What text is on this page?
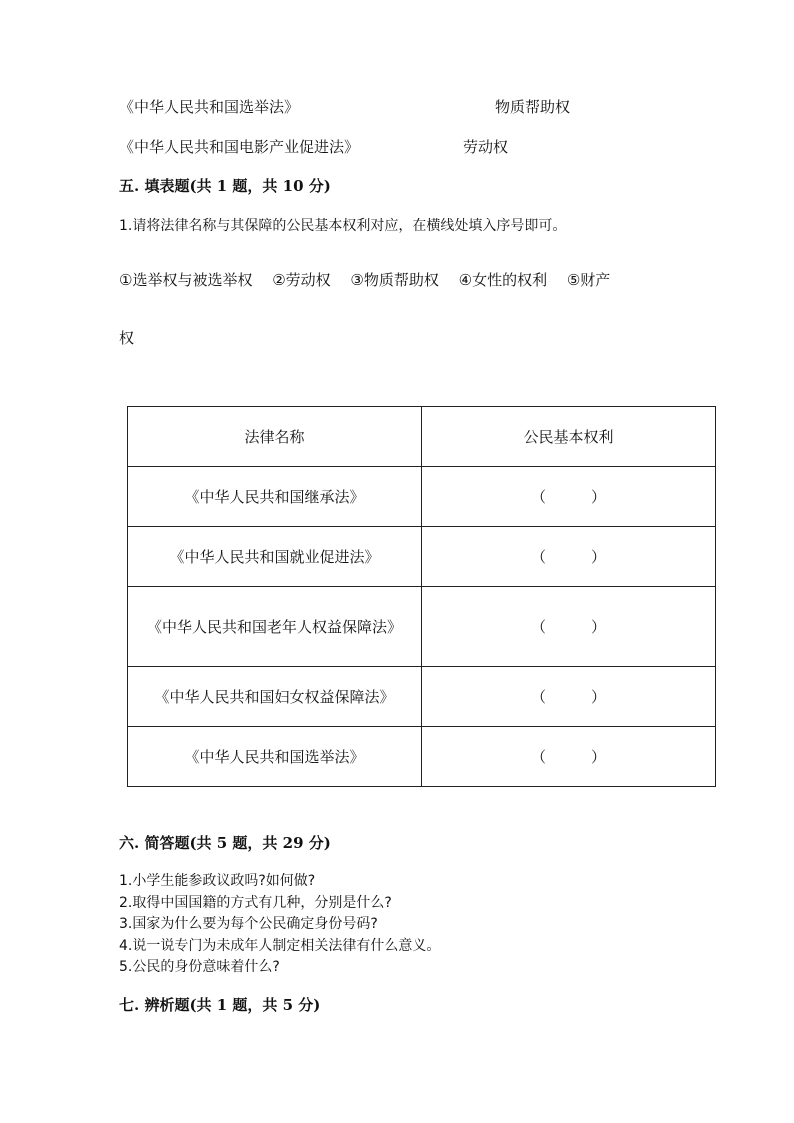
《中华人民共和国选举法》	物质帮助权
《中华人民共和国电影产业促进法》	劳动权
五. 填表题(共 1 题，共 10 分)
1.请将法律名称与其保障的公民基本权利对应，在横线处填入序号即可。
①选举权与被选举权　 ②劳动权　 ③物质帮助权　 ④女性的权利　 ⑤财产
权
法律名称	公民基本权利
《中华人民共和国继承法》	（　　　）
《中华人民共和国就业促进法》	（　　　）
《中华人民共和国老年人权益保障法》	（　　　）
《中华人民共和国妇女权益保障法》	（　　　）
《中华人民共和国选举法》	（　　　）
六. 简答题(共 5 题，共 29 分)
1.小学生能参政议政吗?如何做?
2.取得中国国籍的方式有几种，分别是什么?
3.国家为什么要为每个公民确定身份号码?
4.说一说专门为未成年人制定相关法律有什么意义。
5.公民的身份意味着什么?
七. 辨析题(共 1 题，共 5 分)
